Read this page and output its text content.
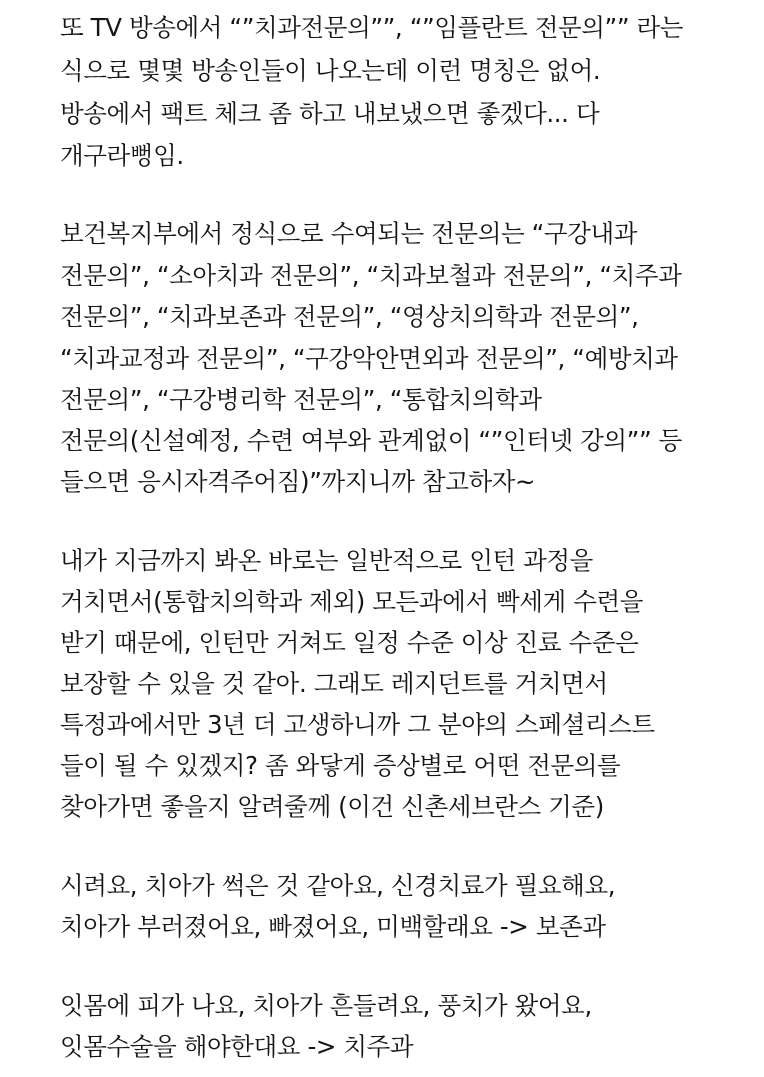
또 TV 방송에서 “”치과전문의””, “”임플란트 전문의”” 라는
식으로 몇몇 방송인들이 나오는데 이런 명칭은 없어.
방송에서 팩트 체크 좀 하고 내보냈으면 좋겠다... 다
개구라뻥임.
보건복지부에서 정식으로 수여되는 전문의는 “구강내과
전문의”, “소아치과 전문의”, “치과보철과 전문의”, “치주과
전문의”, “치과보존과 전문의”, “영상치의학과 전문의”,
“치과교정과 전문의”, “구강악안면외과 전문의”, “예방치과
전문의”, “구강병리학 전문의”, “통합치의학과
전문의(신설예정, 수련 여부와 관계없이 “”인터넷 강의”” 등
들으면 응시자격주어짐)”까지니까 참고하자~
내가 지금까지 봐온 바로는 일반적으로 인턴 과정을
거치면서(통합치의학과 제외) 모든과에서 빡세게 수련을
받기 때문에, 인턴만 거쳐도 일정 수준 이상 진료 수준은
보장할 수 있을 것 같아. 그래도 레지던트를 거치면서
특정과에서만 3년 더 고생하니까 그 분야의 스페셜리스트
들이 될 수 있겠지? 좀 와닿게 증상별로 어떤 전문의를
찾아가면 좋을지 알려줄께 (이건 신촌세브란스 기준)
시려요, 치아가 썩은 것 같아요, 신경치료가 필요해요,
치아가 부러졌어요, 빠졌어요, 미백할래요 -> 보존과
잇몸에 피가 나요, 치아가 흔들려요, 풍치가 왔어요,
잇몸수술을 해야한대요 -> 치주과
